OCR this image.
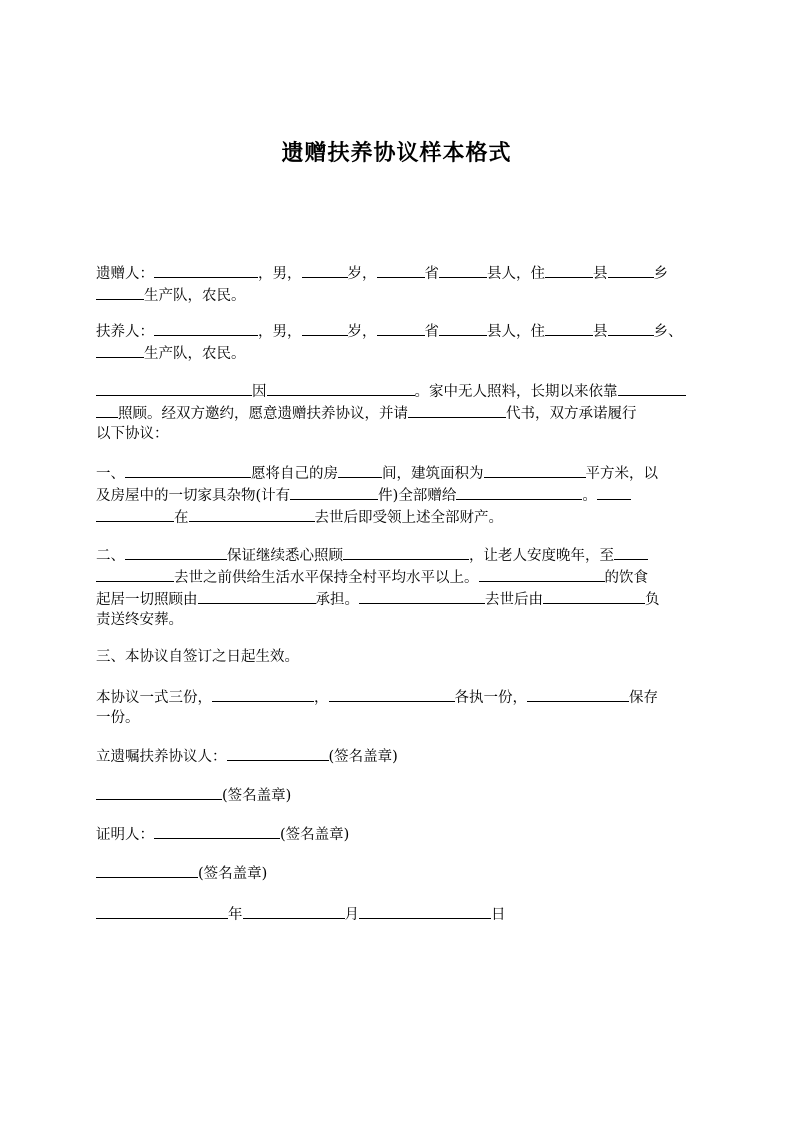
遗赠扶养协议样本格式
遗赠人：	，男，	岁，	省	县人，住	县	乡
生产队，农民。
扶养人：	，男，	岁，	省	县人，住	县	乡、
生产队，农民。
因	。家中无人照料，长期以来依靠
照顾。经双方邀约，愿意遗赠扶养协议，并请	代书，双方承诺履行
以下协议：
一、	愿将自己的房	间，建筑面积为	平方米，以
及房屋中的一切家具杂物(计有	件)全部赠给	。
在	去世后即受领上述全部财产。
二、	保证继续悉心照顾	，让老人安度晚年，至
去世之前供给生活水平保持全村平均水平以上。	的饮食
起居一切照顾由	承担。	去世后由	负
责送终安葬。
三、本协议自签订之日起生效。
本协议一式三份，	，	各执一份，	保存
一份。
立遗嘱扶养协议人：	(签名盖章)
(签名盖章)
证明人：	(签名盖章)
(签名盖章)
年	月	日
